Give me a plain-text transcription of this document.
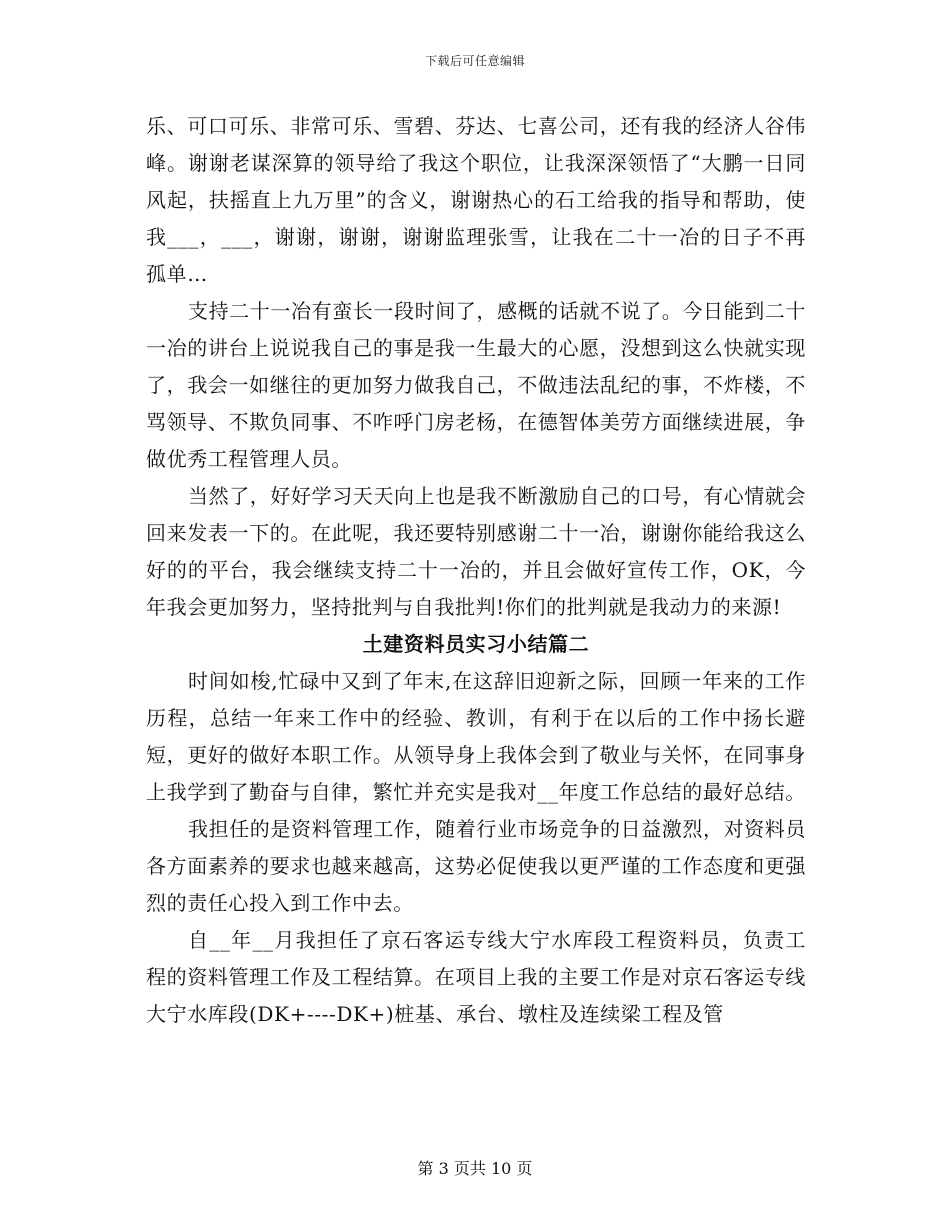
下载后可任意编辑

乐、可口可乐、非常可乐、雪碧、芬达、七喜公司，还有我的经济人谷伟峰。谢谢老谋深算的领导给了我这个职位，让我深深领悟了“大鹏一日同风起，扶摇直上九万里”的含义，谢谢热心的石工给我的指导和帮助，使我___，___，谢谢，谢谢，谢谢监理张雪，让我在二十一冶的日子不再孤单…

支持二十一冶有蛮长一段时间了，感概的话就不说了。今日能到二十一冶的讲台上说说我自己的事是我一生最大的心愿，没想到这么快就实现了，我会一如继往的更加努力做我自己，不做违法乱纪的事，不炸楼，不骂领导、不欺负同事、不咋呼门房老杨，在德智体美劳方面继续进展，争做优秀工程管理人员。

当然了，好好学习天天向上也是我不断激励自己的口号，有心情就会回来发表一下的。在此呢，我还要特别感谢二十一冶，谢谢你能给我这么好的的平台，我会继续支持二十一冶的，并且会做好宣传工作，OK，今年我会更加努力，坚持批判与自我批判!你们的批判就是我动力的来源!

土建资料员实习小结篇二

时间如梭,忙碌中又到了年末,在这辞旧迎新之际，回顾一年来的工作历程，总结一年来工作中的经验、教训，有利于在以后的工作中扬长避短，更好的做好本职工作。从领导身上我体会到了敬业与关怀，在同事身上我学到了勤奋与自律，繁忙并充实是我对__年度工作总结的最好总结。

我担任的是资料管理工作，随着行业市场竞争的日益激烈，对资料员各方面素养的要求也越来越高，这势必促使我以更严谨的工作态度和更强烈的责任心投入到工作中去。

自__年__月我担任了京石客运专线大宁水库段工程资料员，负责工程的资料管理工作及工程结算。在项目上我的主要工作是对京石客运专线大宁水库段(DK+----DK+)桩基、承台、墩柱及连续梁工程及管

第 3 页共 10 页
